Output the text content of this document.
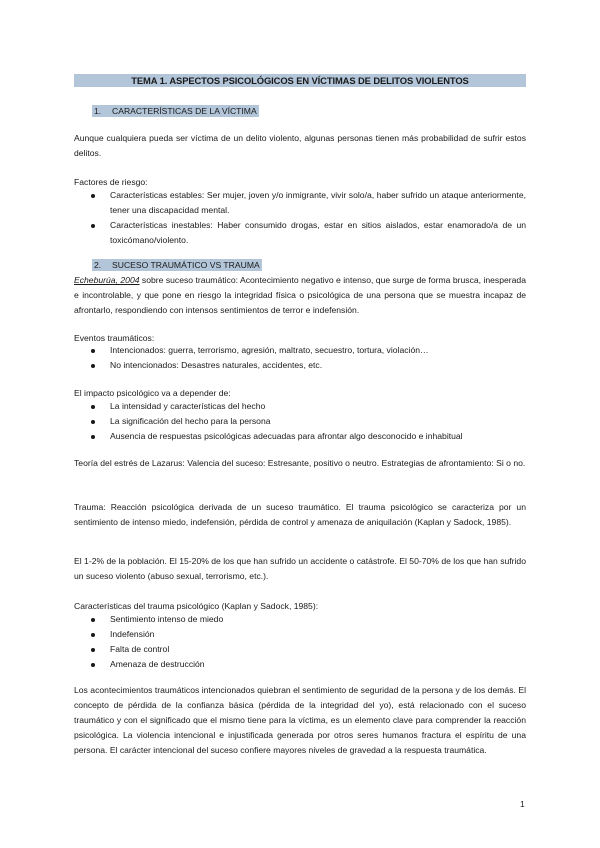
TEMA 1. ASPECTOS PSICOLÓGICOS EN VÍCTIMAS DE DELITOS VIOLENTOS
1. CARACTERÍSTICAS DE LA VÍCTIMA

Aunque cualquiera pueda ser víctima de un delito violento, algunas personas tienen más probabilidad de sufrir estos delitos.

Factores de riesgo:

Características estables: Ser mujer, joven y/o inmigrante, vivir solo/a, haber sufrido un ataque anteriormente, tener una discapacidad mental.
Características inestables: Haber consumido drogas, estar en sitios aislados, estar enamorado/a de un toxicómano/violento.
2. SUCESO TRAUMÁTICO VS TRAUMA

Echeburúa, 2004 sobre suceso traumático: Acontecimiento negativo e intenso, que surge de forma brusca, inesperada e incontrolable, y que pone en riesgo la integridad física o psicológica de una persona que se muestra incapaz de afrontarlo, respondiendo con intensos sentimientos de terror e indefensión.

Eventos traumáticos:

Intencionados: guerra, terrorismo, agresión, maltrato, secuestro, tortura, violación…
No intencionados: Desastres naturales, accidentes, etc.

El impacto psicológico va a depender de:

La intensidad y características del hecho
La significación del hecho para la persona
Ausencia de respuestas psicológicas adecuadas para afrontar algo desconocido e inhabitual

Teoría del estrés de Lazarus: Valencia del suceso: Estresante, positivo o neutro. Estrategias de afrontamiento: Si o no.

Trauma: Reacción psicológica derivada de un suceso traumático. El trauma psicológico se caracteriza por un sentimiento de intenso miedo, indefensión, pérdida de control y amenaza de aniquilación (Kaplan y Sadock, 1985).

El 1-2% de la población. El 15-20% de los que han sufrido un accidente o catástrofe. El 50-70% de los que han sufrido un suceso violento (abuso sexual, terrorismo, etc.).

Características del trauma psicológico (Kaplan y Sadock, 1985):

Sentimiento intenso de miedo
Indefensión
Falta de control
Amenaza de destrucción

Los acontecimientos traumáticos intencionados quiebran el sentimiento de seguridad de la persona y de los demás. El concepto de pérdida de la confianza básica (pérdida de la integridad del yo), está relacionado con el suceso traumático y con el significado que el mismo tiene para la víctima, es un elemento clave para comprender la reacción psicológica. La violencia intencional e injustificada generada por otros seres humanos fractura el espíritu de una persona. El carácter intencional del suceso confiere mayores niveles de gravedad a la respuesta traumática.

1
